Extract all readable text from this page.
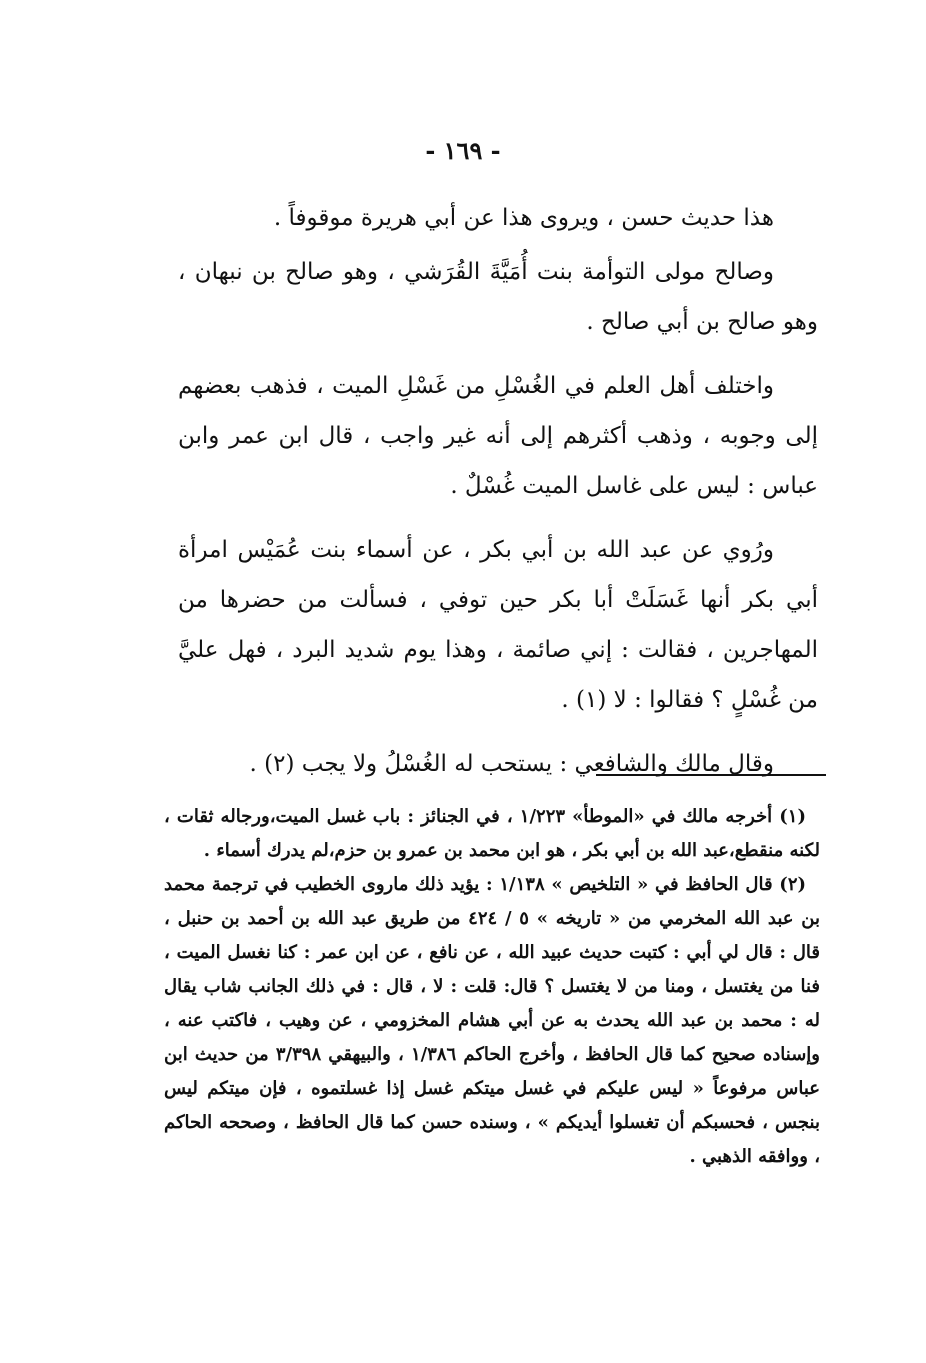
- ١٦٩ -

هذا حديث حسن ، ويروى هذا عن أبي هريرة موقوفاً .

وصالح مولى التوأمة بنت أُمَيَّةَ القُرَشي ، وهو صالح بن نبهان ، وهو صالح بن أبي صالح .

واختلف أهل العلم في الغُسْلِ من غَسْلِ الميت ، فذهب بعضهم إلى وجوبه ، وذهب أكثرهم إلى أنه غير واجب ، قال ابن عمر وابن عباس : ليس على غاسل الميت غُسْلٌ .

ورُوي عن عبد الله بن أبي بكر ، عن أسماء بنت عُمَيْس امرأة أبي بكر أنها غَسَلَتْ أبا بكر حين توفي ، فسألت من حضرها من المهاجرين ، فقالت : إني صائمة ، وهذا يوم شديد البرد ، فهل عليَّ من غُسْلٍ ؟ فقالوا : لا (١) .

وقال مالك والشافعي : يستحب له الغُسْلُ ولا يجب (٢) .

(١) أخرجه مالك في «الموطأ» ١/٢٢٣ ، في الجنائز : باب غسل الميت،ورجاله ثقات ، لكنه منقطع،عبد الله بن أبي بكر ، هو ابن محمد بن عمرو بن حزم،لم يدرك أسماء .

(٢) قال الحافظ في « التلخيص » ١/١٣٨ : يؤيد ذلك ماروى الخطيب في ترجمة محمد بن عبد الله المخرمي من « تاريخه » ٥ / ٤٢٤ من طريق عبد الله بن أحمد بن حنبل ، قال : قال لي أبي : كتبت حديث عبيد الله ، عن نافع ، عن ابن عمر : كنا نغسل الميت ، فنا من يغتسل ، ومنا من لا يغتسل ؟ قال: قلت : لا ، قال : في ذلك الجانب شاب يقال له : محمد بن عبد الله يحدث به عن أبي هشام المخزومي ، عن وهيب ، فاكتب عنه ، وإسناده صحيح كما قال الحافظ ، وأخرج الحاكم ١/٣٨٦ ، والبيهقي ٣/٣٩٨ من حديث ابن عباس مرفوعاً « ليس عليكم في غسل ميتكم غسل إذا غسلتموه ، فإن ميتكم ليس بنجس ، فحسبكم أن تغسلوا أيديكم » ، وسنده حسن كما قال الحافظ ، وصححه الحاكم ، ووافقه الذهبي .
